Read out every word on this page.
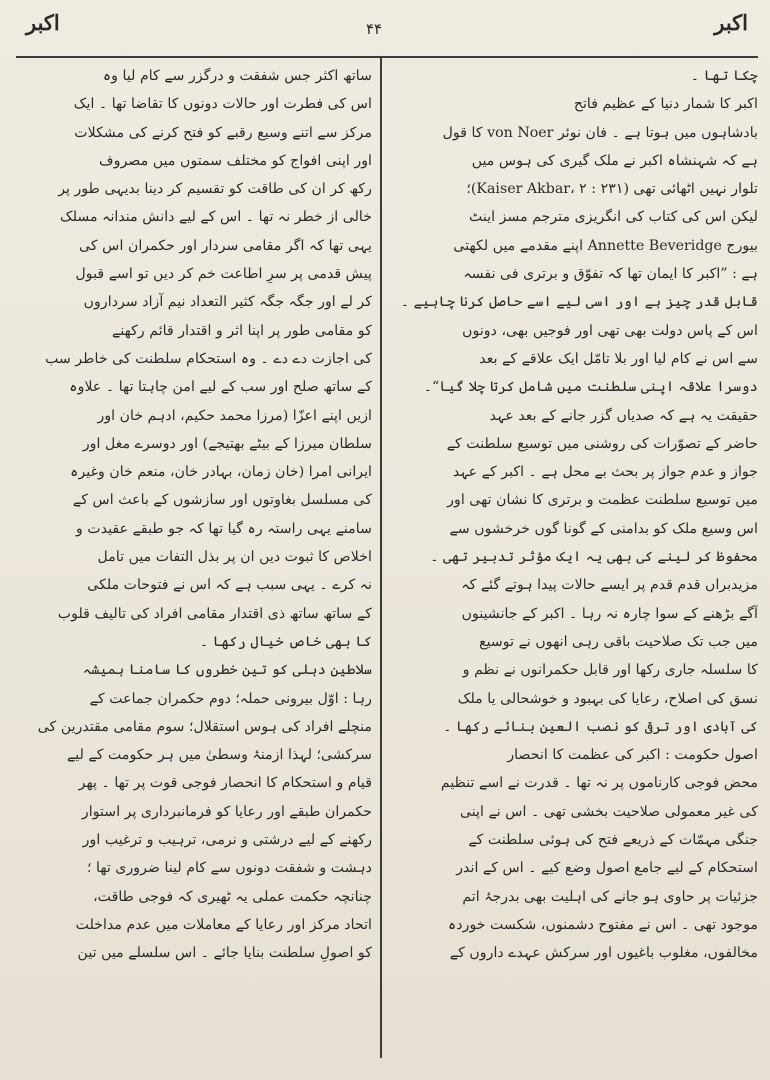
اکبر	۴۴	اکبر
چکا تھا ۔
اکبر کا شمار دنیا کے عظیم فاتح
بادشاہوں میں ہوتا ہے ۔ فان نوئر von Noer کا قول
ہے کہ شہنشاہ اکبر نے ملک گیری کی ہوس میں
تلوار نہیں اٹھائی تھی (Kaiser Akbar، ۲ : ۲۳۱)؛
لیکن اس کی کتاب کی انگریزی مترجم مسز اینٹ
بیورج Annette Beveridge اپنے مقدمے میں لکھتی
ہے : ”اکبر کا ایمان تھا کہ تفوّق و برتری فی نفسہ
قابل قدر چیز ہے اور اسی لیے اسے حاصل کرنا چاہیے ۔
اس کے پاس دولت بھی تھی اور فوجیں بھی، دونوں
سے اس نے کام لیا اور بلا تامّل ایک علاقے کے بعد
دوسرا علاقہ اپنی سلطنت میں شامل کرتا چلا گیا“۔
حقیقت یہ ہے کہ صدیاں گزر جانے کے بعد عہد
حاضر کے تصوّرات کی روشنی میں توسیع سلطنت کے
جواز و عدم جواز پر بحث بے محل ہے ۔ اکبر کے عہد
میں توسیع سلطنت عظمت و برتری کا نشان تھی اور
اس وسیع ملک کو بدامنی کے گونا گوں خرخشوں سے
محفوظ کر لینے کی بھی یہ ایک مؤثر تدبیر تھی ۔
مزیدبراں قدم قدم پر ایسے حالات پیدا ہوتے گئے کہ
آگے بڑھنے کے سوا چارہ نہ رہا ۔ اکبر کے جانشینوں
میں جب تک صلاحیت باقی رہی انھوں نے توسیع
کا سلسلہ جاری رکھا اور قابل حکمرانوں نے نظم و
نسق کی اصلاح، رعایا کی بہبود و خوشحالی یا ملک
کی آبادی اور ترقی کو نصب العین بنائے رکھا ۔
اصول حکومت : اکبر کی عظمت کا انحصار
محض فوجی کارناموں پر نہ تھا ۔ قدرت نے اسے تنظیم
کی غیر معمولی صلاحیت بخشی تھی ۔ اس نے اپنی
جنگی مہمّات کے ذریعے فتح کی ہوئی سلطنت کے
استحکام کے لیے جامع اصول وضع کیے ۔ اس کے اندر
جزئیات پر حاوی ہو جانے کی اہلیت بھی بدرجۂ اتم
موجود تھی ۔ اس نے مفتوح دشمنوں، شکست خوردہ
مخالفوں، مغلوب باغیوں اور سرکش عہدے داروں کے
ساتھ اکثر جس شفقت و درگزر سے کام لیا وہ
اس کی فطرت اور حالات دونوں کا تقاضا تھا ۔ ایک
مرکز سے اتنے وسیع رقبے کو فتح کرنے کی مشکلات
اور اپنی افواج کو مختلف سمتوں میں مصروف
رکھ کر ان کی طاقت کو تقسیم کر دینا بدیہی طور پر
خالی از خطر نہ تھا ۔ اس کے لیے دانش مندانہ مسلک
یہی تھا کہ اگر مقامی سردار اور حکمران اس کی
پیش قدمی پر سرِ اطاعت خم کر دیں تو اسے قبول
کر لے اور جگہ جگہ کثیر التعداد نیم آزاد سرداروں
کو مقامی طور پر اپنا اثر و اقتدار قائم رکھنے
کی اجازت دے دے ۔ وہ استحکام سلطنت کی خاطر سب
کے ساتھ صلح اور سب کے لیے امن چاہتا تھا ۔ علاوہ
ازیں اپنے اعزّا (مرزا محمد حکیم، ادہم خان اور
سلطان میرزا کے بیٹے بھتیجے) اور دوسرے مغل اور
ایرانی امرا (خان زمان، بہادر خان، منعم خان وغیرہ
کی مسلسل بغاوتوں اور سازشوں کے باعث اس کے
سامنے یہی راستہ رہ گیا تھا کہ جو طبقے عقیدت و
اخلاص کا ثبوت دیں ان پر بذل التفات میں تامل
نہ کرے ۔ یہی سبب ہے کہ اس نے فتوحات ملکی
کے ساتھ ساتھ ذی اقتدار مقامی افراد کی تالیف قلوب
کا بھی خاص خیال رکھا ۔
سلاطین دہلی کو تین خطروں کا سامنا ہمیشہ
رہا : اوّل بیرونی حملہ؛ دوم حکمران جماعت کے
منچلے افراد کی ہوس استقلال؛ سوم مقامی مقتدرین کی
سرکشی؛ لہذا ازمنۂ وسطیٰ میں ہر حکومت کے لیے
قیام و استحکام کا انحصار فوجی قوت پر تھا ۔ پھر
حکمران طبقے اور رعایا کو فرمانبرداری پر استوار
رکھنے کے لیے درشتی و نرمی، ترہیب و ترغیب اور
دہشت و شفقت دونوں سے کام لینا ضروری تھا ؛
چنانچہ حکمت عملی یہ ٹھیری کہ فوجی طاقت،
اتحاد مرکز اور رعایا کے معاملات میں عدم مداخلت
کو اصولِ سلطنت بنایا جائے ۔ اس سلسلے میں تین
